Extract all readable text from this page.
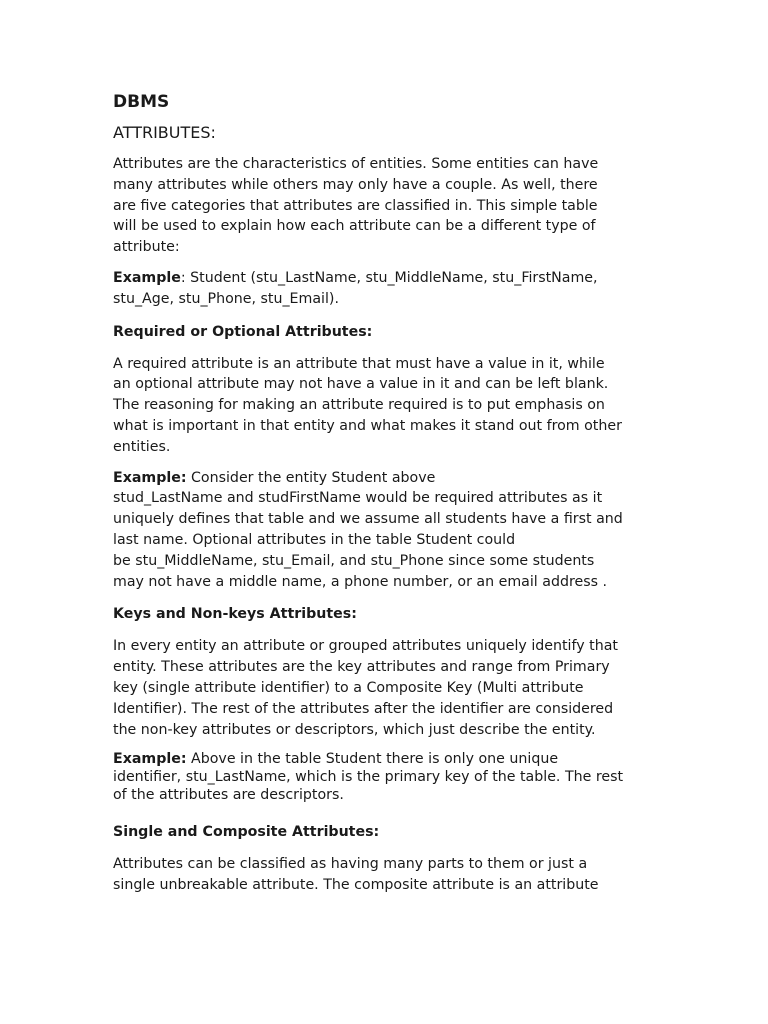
DBMS
ATTRIBUTES:

Attributes are the characteristics of entities. Some entities can have
many attributes while others may only have a couple. As well, there
are five categories that attributes are classified in. This simple table
will be used to explain how each attribute can be a different type of
attribute:

Example: Student (stu_LastName, stu_MiddleName, stu_FirstName,
stu_Age, stu_Phone, stu_Email).

Required or Optional Attributes:

A required attribute is an attribute that must have a value in it, while
an optional attribute may not have a value in it and can be left blank.
The reasoning for making an attribute required is to put emphasis on
what is important in that entity and what makes it stand out from other
entities.

Example: Consider the entity Student above
stud_LastName and studFirstName would be required attributes as it
uniquely defines that table and we assume all students have a first and
last name. Optional attributes in the table Student could
be stu_MiddleName, stu_Email, and stu_Phone since some students
may not have a middle name, a phone number, or an email address .

Keys and Non-keys Attributes:

In every entity an attribute or grouped attributes uniquely identify that
entity. These attributes are the key attributes and range from Primary
key (single attribute identifier) to a Composite Key (Multi attribute
Identifier). The rest of the attributes after the identifier are considered
the non-key attributes or descriptors, which just describe the entity.

Example: Above in the table Student there is only one unique
identifier, stu_LastName, which is the primary key of the table. The rest
of the attributes are descriptors.

Single and Composite Attributes:

Attributes can be classified as having many parts to them or just a
single unbreakable attribute. The composite attribute is an attribute
